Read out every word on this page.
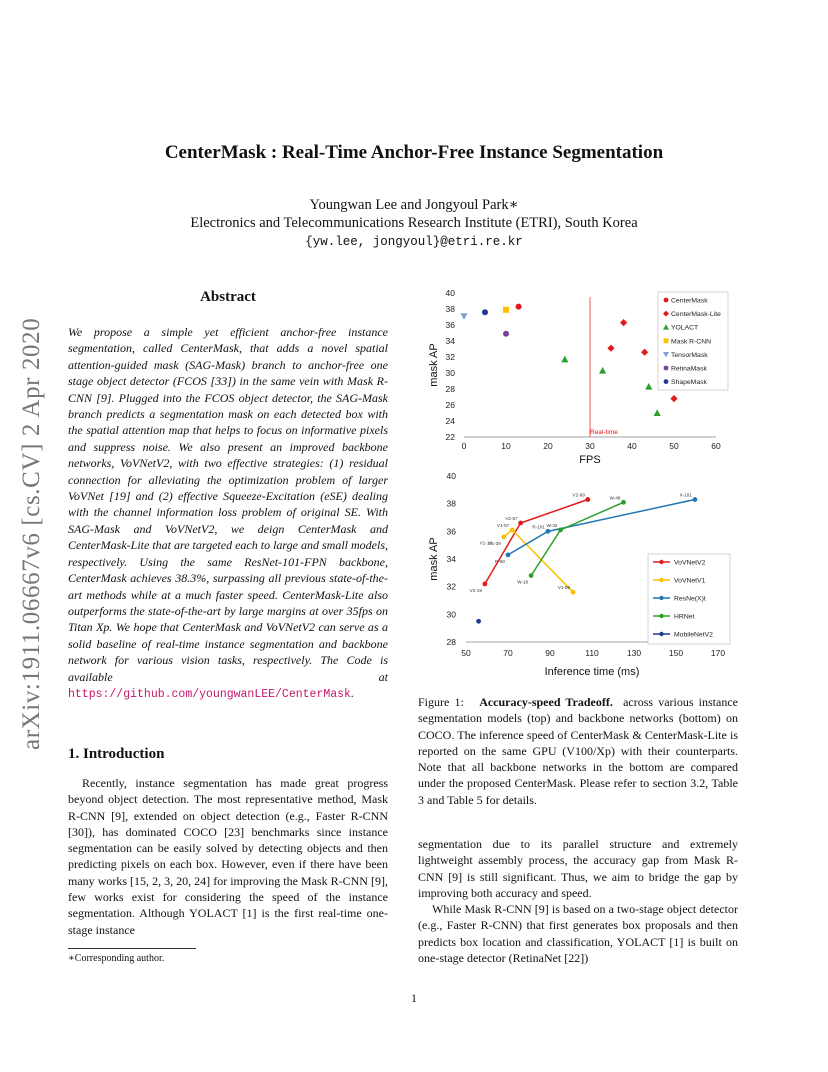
CenterMask : Real-Time Anchor-Free Instance Segmentation
Youngwan Lee and Jongyoul Park∗
Electronics and Telecommunications Research Institute (ETRI), South Korea
{yw.lee, jongyoul}@etri.re.kr
arXiv:1911.06667v6 [cs.CV] 2 Apr 2020
Abstract
We propose a simple yet efficient anchor-free instance segmentation, called CenterMask, that adds a novel spatial attention-guided mask (SAG-Mask) branch to anchor-free one stage object detector (FCOS [33]) in the same vein with Mask R-CNN [9]. Plugged into the FCOS object detector, the SAG-Mask branch predicts a segmentation mask on each detected box with the spatial attention map that helps to focus on informative pixels and suppress noise. We also present an improved backbone networks, VoVNetV2, with two effective strategies: (1) residual connection for alleviating the optimization problem of larger VoVNet [19] and (2) effective Squeeze-Excitation (eSE) dealing with the channel information loss problem of original SE. With SAG-Mask and VoVNetV2, we deign CenterMask and CenterMask-Lite that are targeted each to large and small models, respectively. Using the same ResNet-101-FPN backbone, CenterMask achieves 38.3%, surpassing all previous state-of-the-art methods while at a much faster speed. CenterMask-Lite also outperforms the state-of-the-art by large margins at over 35fps on Titan Xp. We hope that CenterMask and VoVNetV2 can serve as a solid baseline of real-time instance segmentation and backbone network for various vision tasks, respectively. The Code is available at https://github.com/youngwanLEE/CenterMask.
1. Introduction
Recently, instance segmentation has made great progress beyond object detection. The most representative method, Mask R-CNN [9], extended on object detection (e.g., Faster R-CNN [30]), has dominated COCO [23] benchmarks since instance segmentation can be easily solved by detecting objects and then predicting pixels on each box. However, even if there have been many works [15, 2, 3, 20, 24] for improving the Mask R-CNN [9], few works exist for considering the speed of the instance segmentation. Although YOLACT [1] is the first real-time one-stage instance
∗Corresponding author.
1
0	10	20	30	40	50	60
22
24
26
28
30
32
34
36
38
40
FPS
mask AP
Real-time
CenterMask
CenterMask-Lite
YOLACT
Mask R-CNN
TensorMask
RetinaMask
ShapeMask
50	70	90	110	130	150	170
28
30
32
34
36
38
40
Inference time (ms)
mask AP
V2-19
V2-57
V2-99
V1-39
V1-57
V1-99
R-50
R-101
X-101
W-18
W-32
W-48
V1-19
VoVNetV2
VoVNetV1
ResNe(X)t
HRNet
MobileNetV2
Figure 1: Accuracy-speed Tradeoff. across various instance segmentation models (top) and backbone networks (bottom) on COCO. The inference speed of CenterMask & CenterMask-Lite is reported on the same GPU (V100/Xp) with their counterparts. Note that all backbone networks in the bottom are compared under the proposed CenterMask. Please refer to section 3.2, Table 3 and Table 5 for details.

segmentation due to its parallel structure and extremely lightweight assembly process, the accuracy gap from Mask R-CNN [9] is still significant. Thus, we aim to bridge the gap by improving both accuracy and speed.

While Mask R-CNN [9] is based on a two-stage object detector (e.g., Faster R-CNN) that first generates box proposals and then predicts box location and classification, YOLACT [1] is built on one-stage detector (RetinaNet [22])
